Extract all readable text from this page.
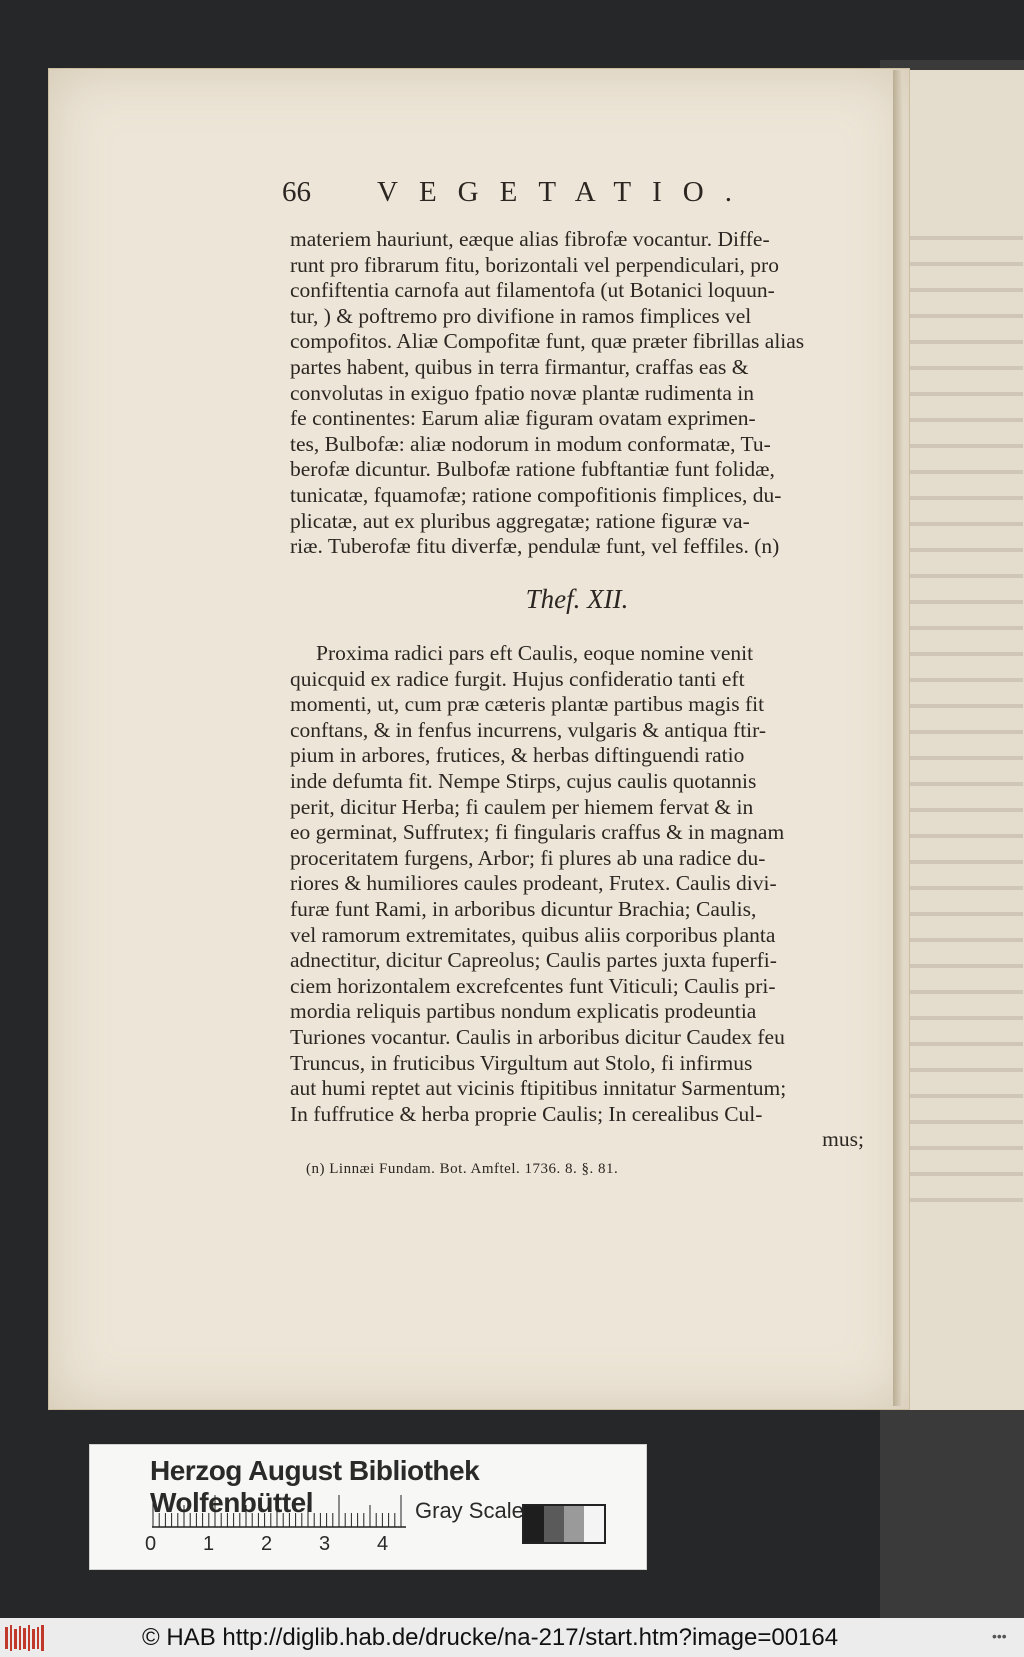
66 VEGETATIO.
materiem hauriunt, eæque alias fibrofæ vocantur. Diffe-
runt pro fibrarum fitu, borizontali vel perpendiculari, pro
confiftentia carnofa aut filamentofa (ut Botanici loquun-
tur, ) & poftremo pro divifione in ramos fimplices vel
compofitos. Aliæ Compofitæ funt, quæ præter fibrillas alias
partes habent, quibus in terra firmantur, craffas eas &
convolutas in exiguo fpatio novæ plantæ rudimenta in
fe continentes: Earum aliæ figuram ovatam exprimen-
tes, Bulbofæ: aliæ nodorum in modum conformatæ, Tu-
berofæ dicuntur. Bulbofæ ratione fubftantiæ funt folidæ,
tunicatæ, fquamofæ; ratione compofitionis fimplices, du-
plicatæ, aut ex pluribus aggregatæ; ratione figuræ va-
riæ. Tuberofæ fitu diverfæ, pendulæ funt, vel feffiles. (n)
Thef. XII.
Proxima radici pars eft Caulis, eoque nomine venit
quicquid ex radice furgit. Hujus confideratio tanti eft
momenti, ut, cum præ cæteris plantæ partibus magis fit
conftans, & in fenfus incurrens, vulgaris & antiqua ftir-
pium in arbores, frutices, & herbas diftinguendi ratio
inde defumta fit. Nempe Stirps, cujus caulis quotannis
perit, dicitur Herba; fi caulem per hiemem fervat & in
eo germinat, Suffrutex; fi fingularis craffus & in magnam
proceritatem furgens, Arbor; fi plures ab una radice du-
riores & humiliores caules prodeant, Frutex. Caulis divi-
furæ funt Rami, in arboribus dicuntur Brachia; Caulis,
vel ramorum extremitates, quibus aliis corporibus planta
adnectitur, dicitur Capreolus; Caulis partes juxta fuperfi-
ciem horizontalem excrefcentes funt Viticuli; Caulis pri-
mordia reliquis partibus nondum explicatis prodeuntia
Turiones vocantur. Caulis in arboribus dicitur Caudex feu
Truncus, in fruticibus Virgultum aut Stolo, fi infirmus
aut humi reptet aut vicinis ftipitibus innitatur Sarmentum;
In fuffrutice & herba proprie Caulis; In cerealibus Cul-
mus;
(n) Linnæi Fundam. Bot. Amftel. 1736. 8. §. 81.
Herzog August Bibliothek Wolfenbüttel
0 1 2 3 4
Gray Scale
© HAB http://diglib.hab.de/drucke/na-217/start.htm?image=00164	•••
